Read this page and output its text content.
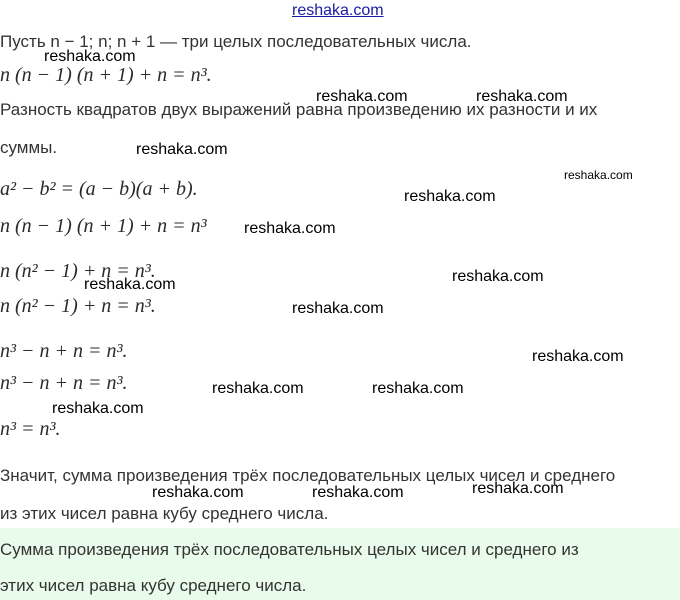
reshaka.com
Пусть n − 1; n; n + 1 — три целых последовательных числа.
n (n − 1) (n + 1) + n = n³.
Разность квадратов двух выражений равна произведению их разности и их
суммы.
a² − b² = (a − b)(a + b).
n (n − 1) (n + 1) + n = n³
n (n² − 1) + n = n³.
n (n² − 1) + n = n³.
n³ − n + n = n³.
n³ − n + n = n³.
n³ = n³.
Значит, сумма произведения трёх последовательных целых чисел и среднего
из этих чисел равна кубу среднего числа.
Сумма произведения трёх последовательных целых чисел и среднего из
этих чисел равна кубу среднего числа.
reshaka.com
reshaka.com	reshaka.com
reshaka.com
reshaka.com
reshaka.com
reshaka.com
reshaka.com
reshaka.com
reshaka.com
reshaka.com
reshaka.com	reshaka.com
reshaka.com
reshaka.com	reshaka.com	reshaka.com
